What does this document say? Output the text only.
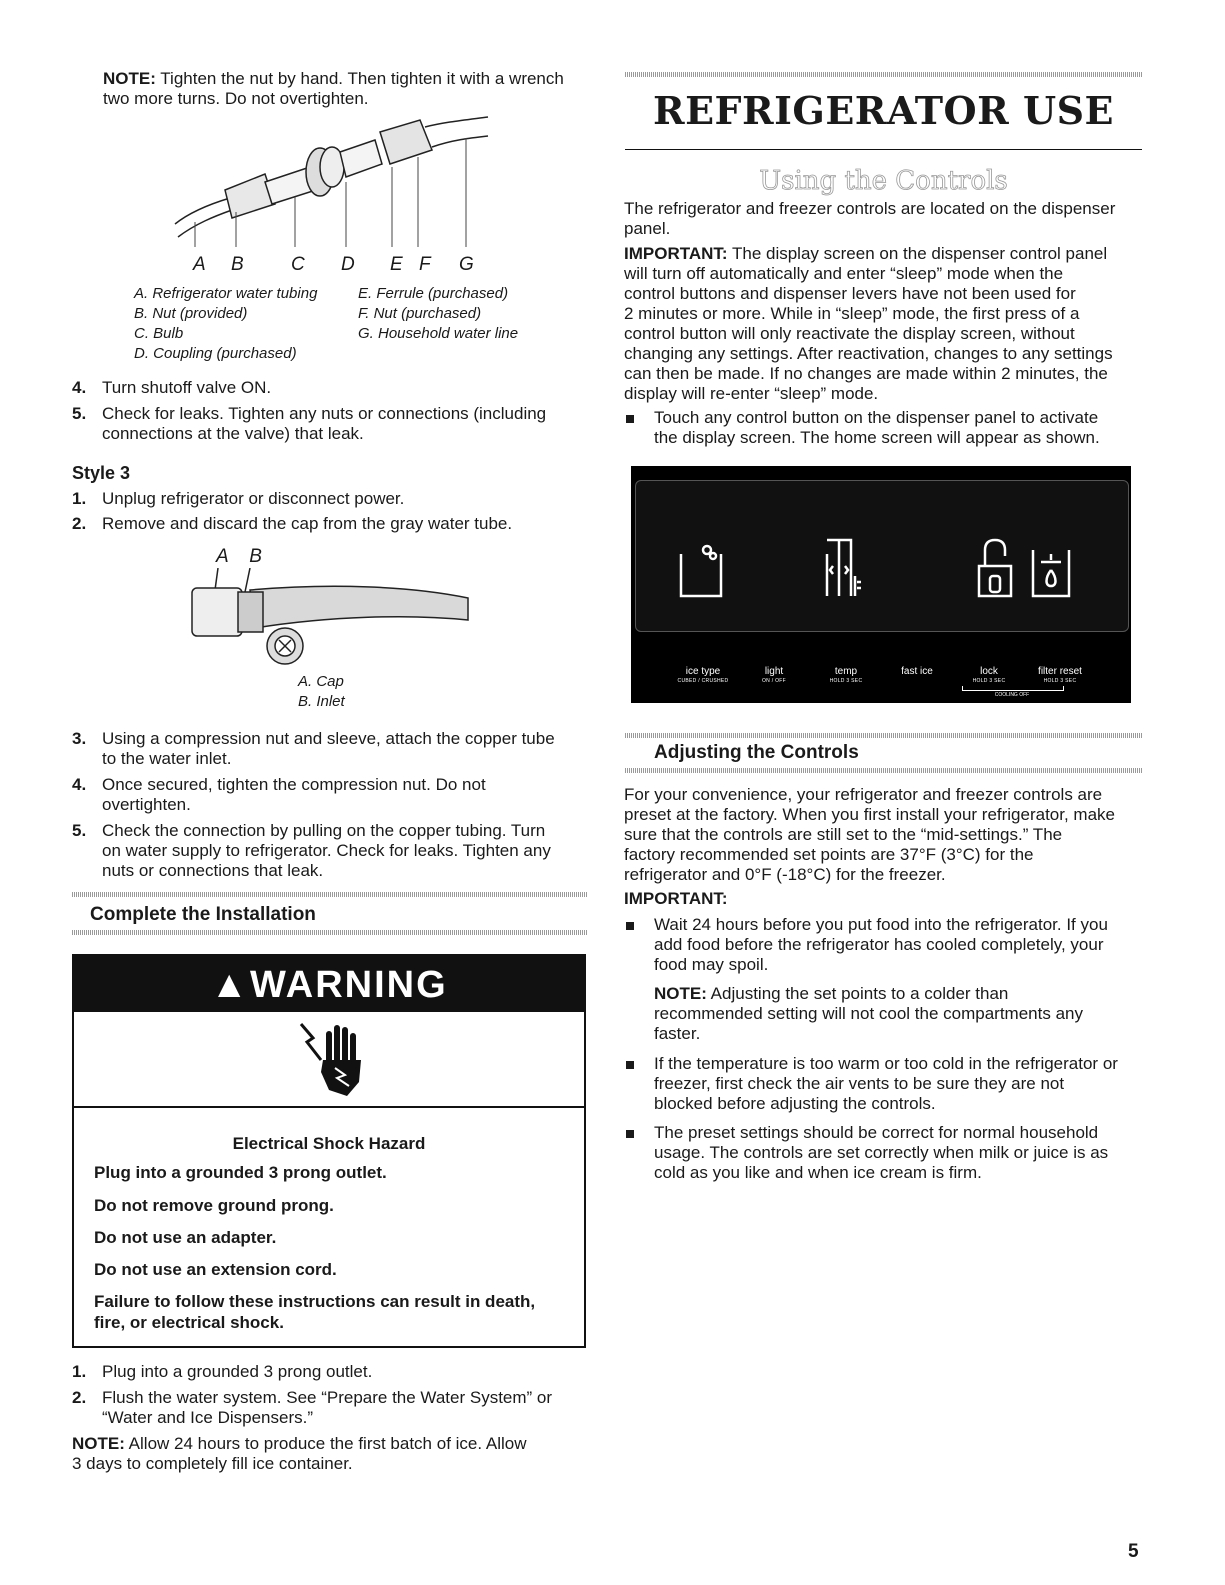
NOTE: Tighten the nut by hand. Then tighten it with a wrench
two more turns. Do not overtighten.
A B C D E F G
A. Refrigerator water tubing
B. Nut (provided)
C. Bulb
D. Coupling (purchased)
E. Ferrule (purchased)
F. Nut (purchased)
G. Household water line
4. Turn shutoff valve ON.
5. Check for leaks. Tighten any nuts or connections (including
connections at the valve) that leak.
Style 3
1. Unplug refrigerator or disconnect power.
2. Remove and discard the cap from the gray water tube.
A B
A. Cap
B. Inlet
3. Using a compression nut and sleeve, attach the copper tube
to the water inlet.
4. Once secured, tighten the compression nut. Do not
overtighten.
5. Check the connection by pulling on the copper tubing. Turn
on water supply to refrigerator. Check for leaks. Tighten any
nuts or connections that leak.
Complete the Installation
▲WARNING
Electrical Shock Hazard
Plug into a grounded 3 prong outlet.
Do not remove ground prong.
Do not use an adapter.
Do not use an extension cord.
Failure to follow these instructions can result in death,
fire, or electrical shock.
1. Plug into a grounded 3 prong outlet.
2. Flush the water system. See “Prepare the Water System” or
“Water and Ice Dispensers.”
NOTE: Allow 24 hours to produce the first batch of ice. Allow
3 days to completely fill ice container.
REFRIGERATOR USE
Using the Controls
The refrigerator and freezer controls are located on the dispenser
panel.
IMPORTANT: The display screen on the dispenser control panel
will turn off automatically and enter “sleep” mode when the
control buttons and dispenser levers have not been used for
2 minutes or more. While in “sleep” mode, the first press of a
control button will only reactivate the display screen, without
changing any settings. After reactivation, changes to any settings
can then be made. If no changes are made within 2 minutes, the
display will re-enter “sleep” mode.
Touch any control button on the dispenser panel to activate
the display screen. The home screen will appear as shown.
ice type
CUBED / CRUSHED
light
ON / OFF
temp
HOLD 3 SEC
fast ice	lock
HOLD 3 SEC
filter reset
HOLD 3 SEC
COOLING OFF
Adjusting the Controls
For your convenience, your refrigerator and freezer controls are
preset at the factory. When you first install your refrigerator, make
sure that the controls are still set to the “mid-settings.” The
factory recommended set points are 37°F (3°C) for the
refrigerator and 0°F (-18°C) for the freezer.
IMPORTANT:
Wait 24 hours before you put food into the refrigerator. If you
add food before the refrigerator has cooled completely, your
food may spoil.
NOTE: Adjusting the set points to a colder than
recommended setting will not cool the compartments any
faster.
If the temperature is too warm or too cold in the refrigerator or
freezer, first check the air vents to be sure they are not
blocked before adjusting the controls.
The preset settings should be correct for normal household
usage. The controls are set correctly when milk or juice is as
cold as you like and when ice cream is firm.
5
